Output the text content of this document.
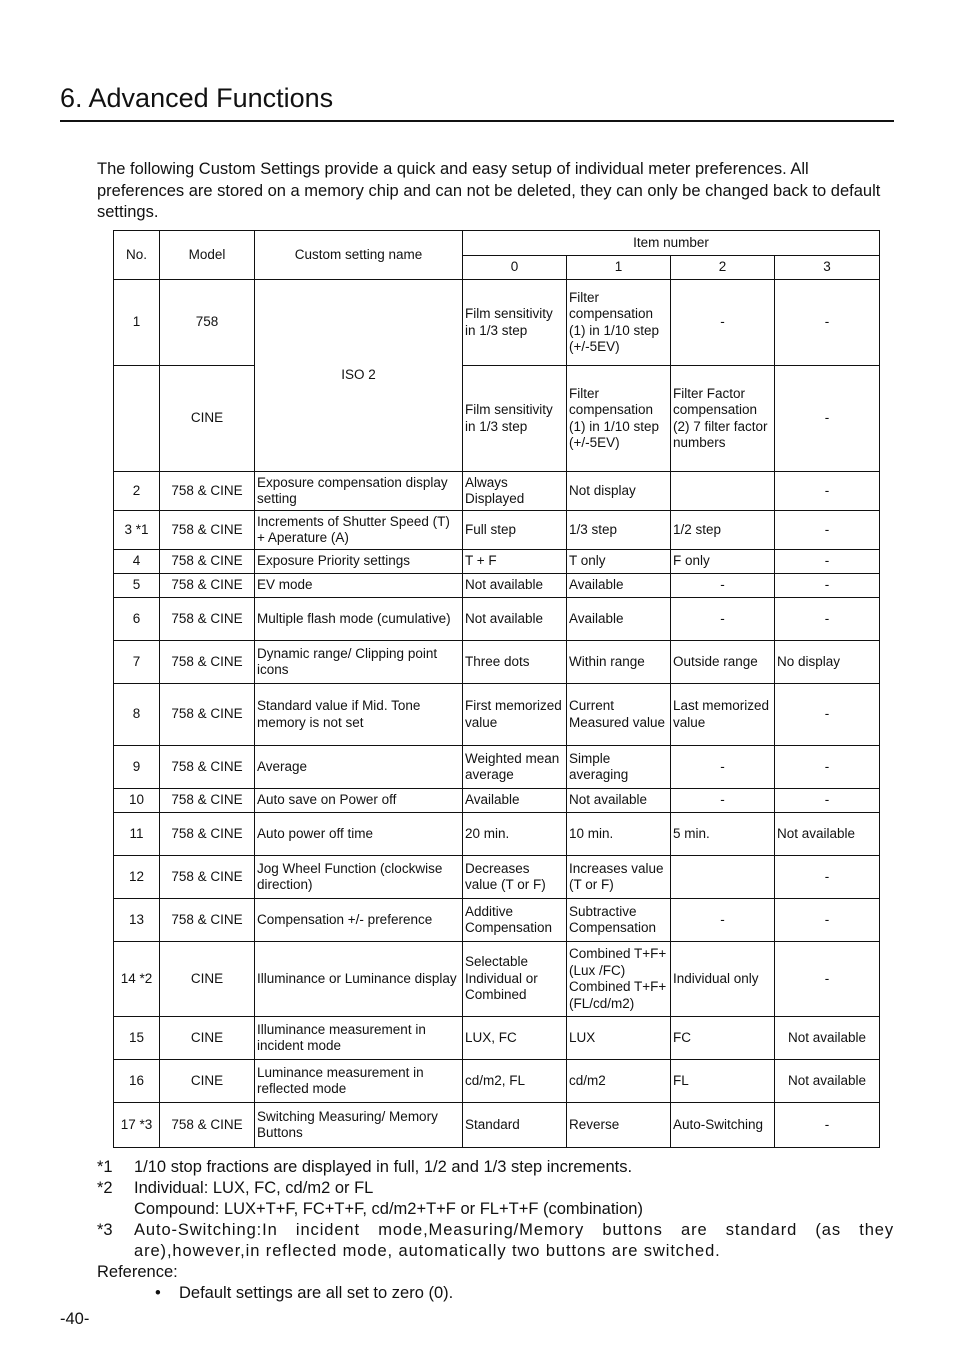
6. Advanced Functions
The following Custom Settings provide a quick and easy setup of individual meter preferences. All preferences are stored on a memory chip and can not be deleted, they can only be changed back to default settings.
No.	Model	Custom setting name	Item number			
			0	1	2	3
1	758	ISO 2	Film sensitivity in 1/3 step	Filter compensation (1) in 1/10 step (+/-5EV)	-	-
	CINE		Film sensitivity in 1/3 step	Filter compensation (1) in 1/10 step (+/-5EV)	Filter Factor compensation (2) 7 filter factor numbers	-
2	758 & CINE	Exposure compensation display setting	Always Displayed	Not display		-
3 *1	758 & CINE	Increments of Shutter Speed (T) + Aperature (A)	Full step	1/3 step	1/2 step	-
4	758 & CINE	Exposure Priority settings	T + F	T only	F only	-
5	758 & CINE	EV mode	Not available	Available	-	-
6	758 & CINE	Multiple flash mode (cumulative)	Not available	Available	-	-
7	758 & CINE	Dynamic range/ Clipping point icons	Three dots	Within range	Outside range	No display
8	758 & CINE	Standard value if Mid. Tone memory is not set	First memorized value	Current Measured value	Last memorized value	-
9	758 & CINE	Average	Weighted mean average	Simple averaging	-	-
10	758 & CINE	Auto save on Power off	Available	Not available	-	-
11	758 & CINE	Auto power off time	20 min.	10 min.	5 min.	Not available
12	758 & CINE	Jog Wheel Function (clockwise direction)	Decreases value (T or F)	Increases value (T or F)		-
13	758 & CINE	Compensation +/- preference	Additive Compensation	Subtractive Compensation	-	-
14 *2	CINE	Illuminance or Luminance display	Selectable Individual or Combined	Combined T+F+(Lux /FC) Combined T+F+(FL/cd/m2)	Individual only	-
15	CINE	Illuminance measurement in incident mode	LUX, FC	LUX	FC	Not available
16	CINE	Luminance measurement in reflected mode	cd/m2, FL	cd/m2	FL	Not available
17 *3	758 & CINE	Switching Measuring/ Memory Buttons	Standard	Reverse	Auto-Switching	-
*1	1/10 stop fractions are displayed in full, 1/2 and 1/3 step increments.
*2	Individual: LUX, FC, cd/m2 or FL
Compound: LUX+T+F, FC+T+F, cd/m2+T+F or FL+T+F (combination)
*3	Auto-Switching:In incident mode,Measuring/Memory buttons are standard (as they are),however,in reflected mode, automatically two buttons are switched.
Reference:
• Default settings are all set to zero (0).
-40-
